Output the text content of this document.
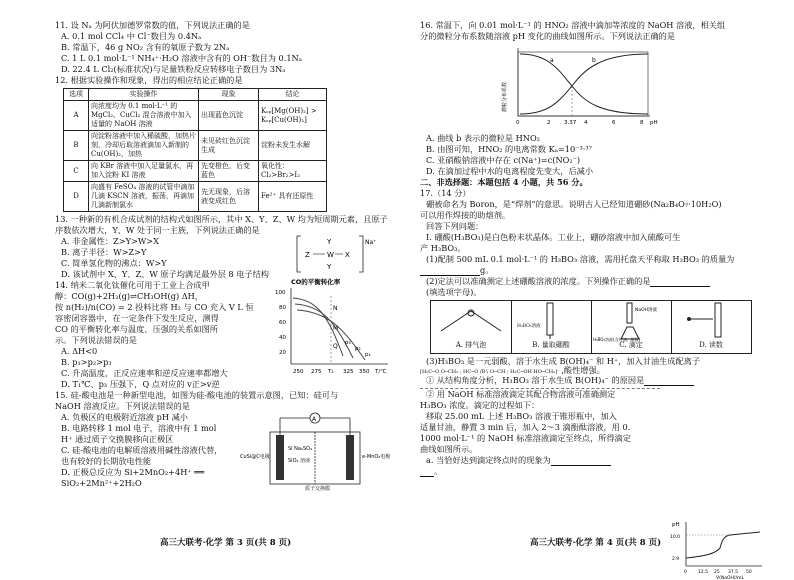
11. 设 Nₐ 为阿伏加德罗常数的值，下列说法正确的是

A. 0.1 mol CCl₄ 中 Cl⁻数目为 0.4Nₐ

B. 常温下，46 g NO₂ 含有的氧原子数为 2Nₐ

C. 1 L 0.1 mol·L⁻¹ NH₄⁺·H₂O 溶液中含有的 OH⁻数目为 0.1Nₐ

D. 22.4 L Cl₂(标准状况)与足量铁粉反应转移电子数目为 3Nₐ

12. 根据实验操作和现象，得出的相应结论正确的是

选项	实验操作	现象	结论
A	向浓度均为 0.1 mol·L⁻¹ 的 MgCl₂、CuCl₂ 混合溶液中加入适量的 NaOH 溶液	出现蓝色沉淀	Kₛₚ[Mg(OH)₂] > Kₛₚ[Cu(OH)₂]
B	向淀粉溶液中加入稀硫酸，加热片刻，冷却后取溶液滴加入新制的 Cu(OH)₂，加热	未见砖红色沉淀生成	淀粉未发生水解
C	向 KBr 溶液中加入足量氯水，再加入淀粉 KI 溶液	先变橙色，后变蓝色	氧化性：Cl₂>Br₂>I₂
D	向盛有 FeSO₄ 溶液的试管中滴加几滴 KSCN 溶液，振荡，再滴加几滴新制氯水	先无现象，后溶液变成红色	Fe²⁺ 具有还原性

13. 一种新的有机合成试剂的结构式如图所示，其中 X、Y、Z、W 均为短周期元素，且原子

序数依次增大，Y、W 处于同一主族，下列说法正确的是

A. 非金属性：Z>Y>W>X

B. 离子半径：W>Z>Y

C. 简单氢化物的沸点：W>Y

D. 该试剂中 X、Y、Z、W 原子均满足最外层 8 电子结构

Y
Z W X
Y
Na⁺

14. 纳米二氧化钛催化可用于工业上合成甲

醇：CO(g)+2H₂(g)⇌CH₃OH(g) ΔH，

按 n(H₂)/n(CO) = 2 投料比将 H₂ 与 CO 充入 V L 恒

容密闭容器中，在一定条件下发生反应，测得

CO 的平衡转化率与温度、压强的关系如图所

示。下列说法错误的是

A. ΔH<0

B. p₁>p₂>p₃

C. 升高温度，正反应速率和逆反应速率都增大

D. T₁℃、p₃ 压强下，Q 点对应的 v正>v逆

CO的平衡转化率
100
80
60
40
20
N
M
Q
p₁
p₂
p₃
250 275 T₁ 325 350 T/℃

15. 硅-酸电池是一种新型电池，如图为硅-酸电池的装置示意图，已知：硅可与

NaOH 溶液反应。下列说法错误的是

A. 负极区的电极附近溶液 pH 减小

B. 电路转移 1 mol 电子，溶液中有 1 mol

H⁺ 通过质子交换膜移向正极区

C. 硅-酸电池的电解质溶液用碱性溶液代替，

也有较好的长期放电性能

D. 正极总反应为 Si+2MnO₂+4H⁺ ══

SiO₂+2Mn²⁺+2H₂O

A
CuSi@C电极	e-MnO₂电极
Si Na₂SO₄
SiO₂ 溶液
质子交换膜
高三大联考·化学 第 3 页(共 8 页)

16. 常温下，向 0.01 mol·L⁻¹ 的 HNO₂ 溶液中滴加等浓度的 NaOH 溶液，相关组

分的微粒分布系数随溶液 pH 变化的曲线如图所示。下列说法正确的是

微粒分布系数
a	b
0	2 3.37 4	6	8 pH

A. 曲线 b 表示的微粒是 HNO₂

B. 由图可知，HNO₂ 的电离常数 Kₐ=10⁻³·³⁷

C. 亚硝酸钠溶液中存在 c(Na⁺)=c(NO₂⁻)

D. 在滴加过程中水的电离程度先变大，后减小

二、非选择题：本题包括 4 小题，共 56 分。

17.（14 分）

硼被命名为 Boron，是“焊剂”的意思。说明古人已经知道硼砂(Na₂B₄O₇·10H₂O)

可以用作焊接的助熔剂。

回答下列问题：

Ⅰ. 硼酸(H₃BO₃)是白色粉末状晶体。工业上，硼砂溶液中加入硫酸可生

产 H₃BO₃。

(1)配制 500 mL 0.1 mol·L⁻¹ 的 H₃BO₃ 溶液，需用托盘天平称取 H₃BO₃ 的质量为

g。

(2)定法可以准确测定上述硼酸溶液的浓度。下列操作正确的是

(填选项字母)。

A. 排气泡	B. 量取硼酸
NaOH溶液
H₃BO₃溶液(含甘油、酚酞)
C. 滴定	D. 读数
H₃BO₃溶液

(3)H₃BO₃ 是一元弱酸，溶于水生成 B(OH)₄⁻ 和 H⁺，加入甘油生成配离子

[H₂C─O O─CH₂ ; HC─O ∕B∖ O─CH ; H₂C─OH HO─CH₂]⁻ ,酸性增强。

① 从结构角度分析，H₃BO₃ 溶于水生成 B(OH)₄⁻ 的原因是

② 用 NaOH 标准溶液滴定其配合物溶液可准确测定

H₃BO₃ 浓度。滴定的过程如下：

移取 25.00 mL 上述 H₃BO₃ 溶液于锥形瓶中，加入

适量甘油，静置 3 min 后，加入 2～3 滴酚酞溶液，用 0.

1000 mol·L⁻¹ 的 NaOH 标准溶液滴定至终点，所得滴定

曲线如图所示。

a. 当恰好达到滴定终点时的现象为

。

pH
10.0
2.9
0 12.5 25 37.5 50
V(NaOH)/mL
高三大联考·化学 第 4 页(共 8 页)
